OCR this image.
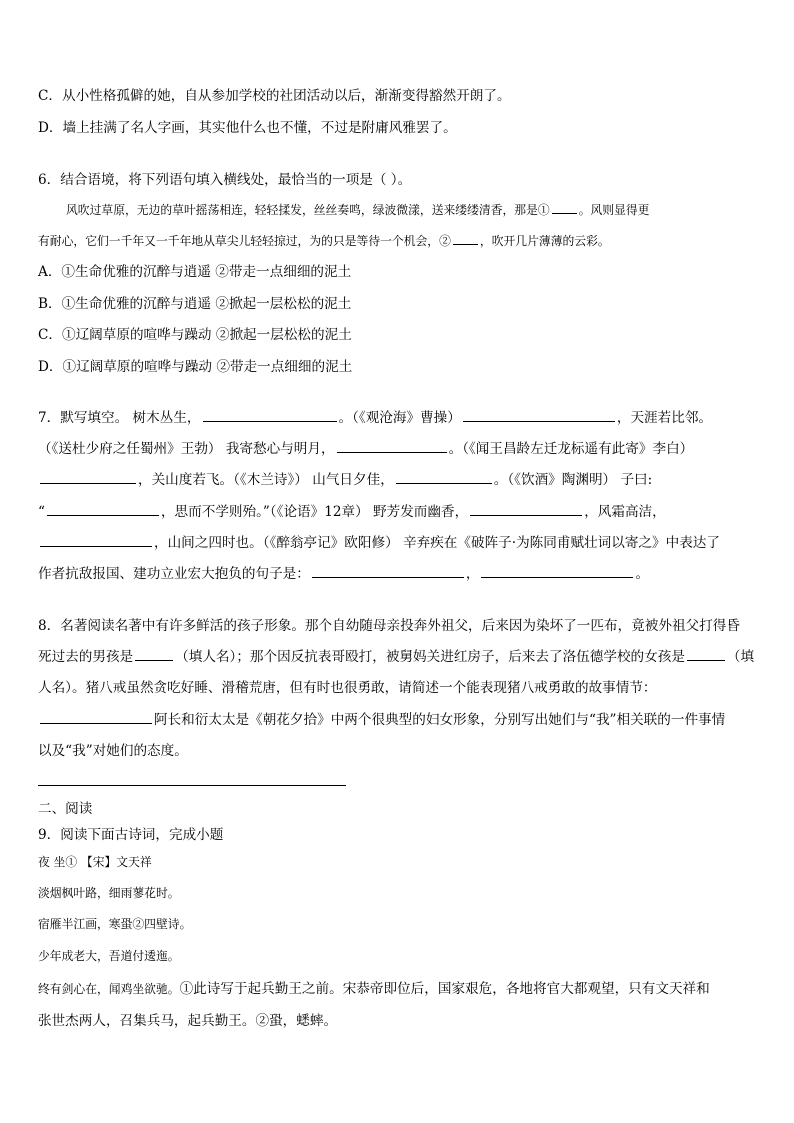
C．从小性格孤僻的她，自从参加学校的社团活动以后，渐渐变得豁然开朗了。
D．墙上挂满了名人字画，其实他什么也不懂，不过是附庸风雅罢了。
6．结合语境，将下列语句填入横线处，最恰当的一项是（ ）。
风吹过草原，无边的草叶摇荡相连，轻轻揉发，丝丝奏鸣，绿波微漾，送来缕缕清香，那是① 。风则显得更
有耐心，它们一千年又一千年地从草尖儿轻轻掠过，为的只是等待一个机会，② ，吹开几片薄薄的云彩。
A．①生命优雅的沉醉与逍遥 ②带走一点细细的泥土
B．①生命优雅的沉醉与逍遥 ②掀起一层松松的泥土
C．①辽阔草原的喧哗与躁动 ②掀起一层松松的泥土
D．①辽阔草原的喧哗与躁动 ②带走一点细细的泥土
7．默写填空。 树木丛生，	。（《观沧海》曹操）	，天涯若比邻。
（《送杜少府之任蜀州》王勃） 我寄愁心与明月，	。（《闻王昌龄左迁龙标遥有此寄》李白）
，关山度若飞。（《木兰诗》） 山气日夕佳，	。（《饮酒》陶渊明） 子曰:
“	，思而不学则殆。”（《论语》12章） 野芳发而幽香，	，风霜高洁，
，山间之四时也。（《醉翁亭记》欧阳修） 辛弃疾在《破阵子·为陈同甫赋壮词以寄之》中表达了
作者抗敌报国、建功立业宏大抱负的句子是：	，	。
8．名著阅读名著中有许多鲜活的孩子形象。那个自幼随母亲投奔外祖父，后来因为染坏了一匹布，竟被外祖父打得昏
死过去的男孩是	（填人名）；那个因反抗表哥殴打，被舅妈关进红房子，后来去了洛伍德学校的女孩是	（填
人名）。猪八戒虽然贪吃好睡、滑稽荒唐，但有时也很勇敢，请简述一个能表现猪八戒勇敢的故事情节：
阿长和衍太太是《朝花夕拾》中两个很典型的妇女形象，分别写出她们与“我”相关联的一件事情
以及“我”对她们的态度。
二、阅读
9．阅读下面古诗词，完成小题
夜 坐① 【宋】文天祥
淡烟枫叶路，细雨蓼花时。
宿雁半江画，寒蛩②四壁诗。
少年成老大，吾道付逶迤。
终有剑心在，闻鸡坐欲驰。①此诗写于起兵勤王之前。宋恭帝即位后，国家艰危，各地将官大都观望，只有文天祥和
张世杰两人，召集兵马，起兵勤王。②蛩，蟋蟀。
